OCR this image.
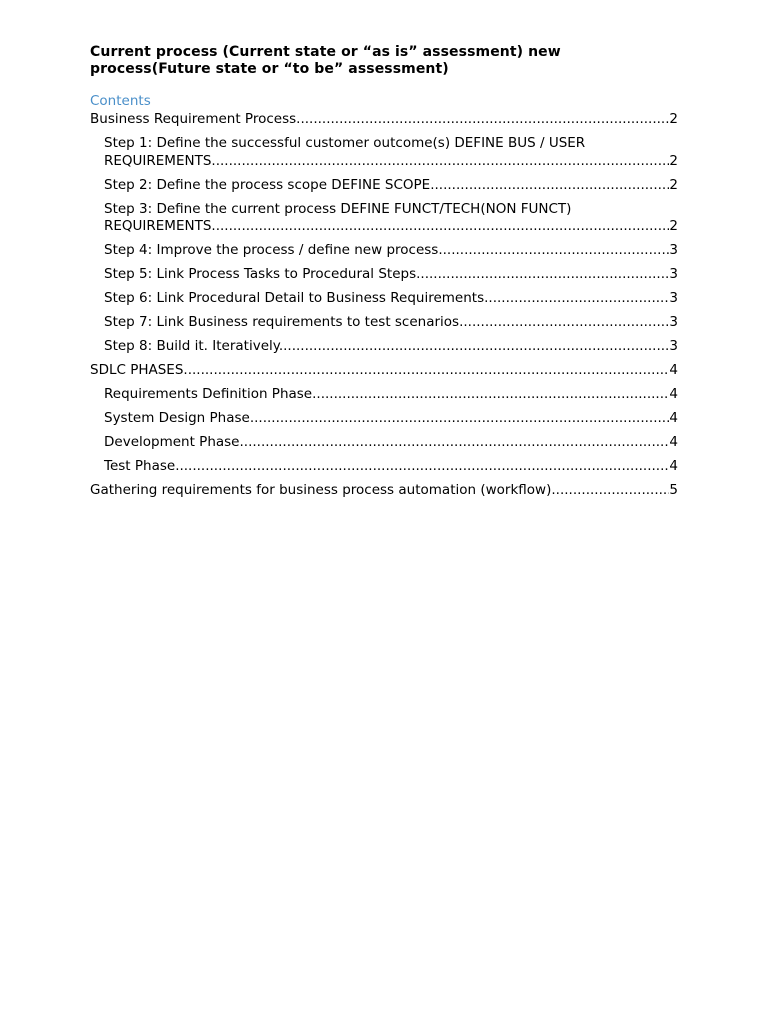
Current process (Current state or “as is” assessment) new process(Future state or “to be” assessment)
Contents
Business Requirement Process .....	2
Step 1: Define the successful customer outcome(s) DEFINE BUS / USER
REQUIREMENTS .....	2
Step 2: Define the process scope DEFINE SCOPE .....	2
Step 3: Define the current process DEFINE FUNCT/TECH(NON FUNCT)
REQUIREMENTS .....	2
Step 4: Improve the process / define new process .....	3
Step 5: Link Process Tasks to Procedural Steps .....	3
Step 6: Link Procedural Detail to Business Requirements .....	3
Step 7: Link Business requirements to test scenarios .....	3
Step 8: Build it. Iteratively. .....	3
SDLC PHASES .....	4
Requirements Definition Phase .....	4
System Design Phase .....	4
Development Phase .....	4
Test Phase .....	4
Gathering requirements for business process automation (workflow) .....	5
